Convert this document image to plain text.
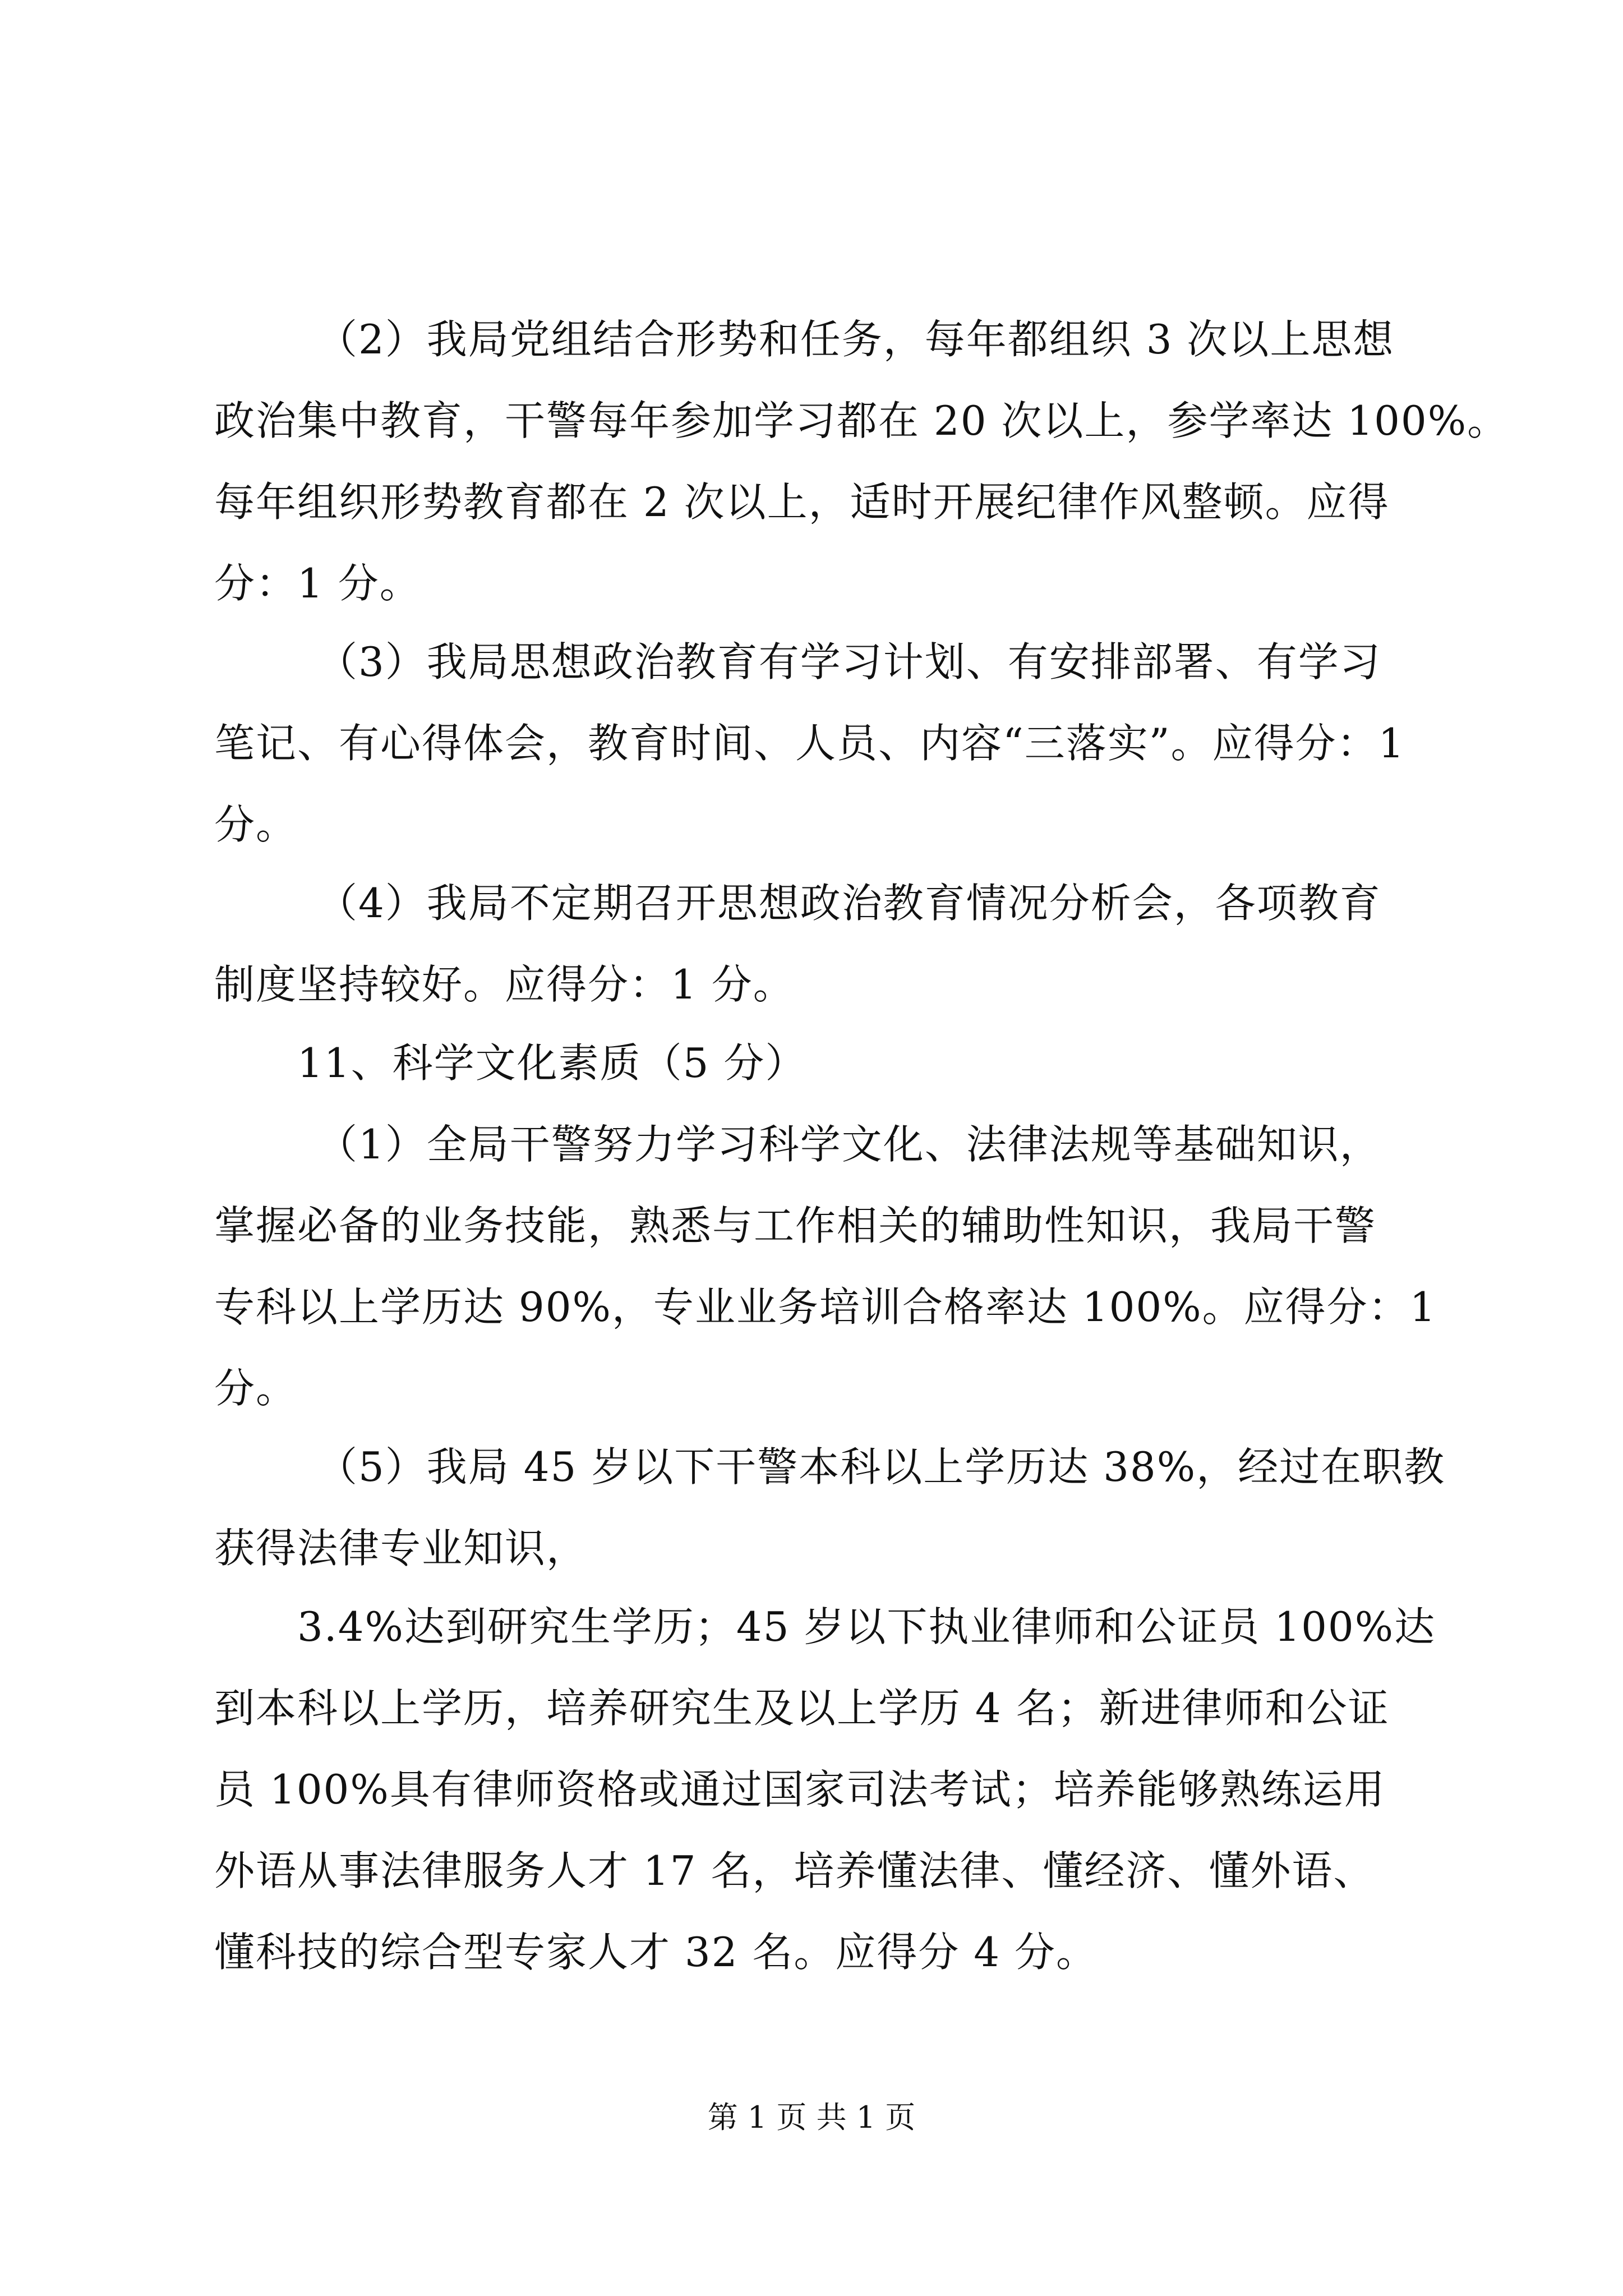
（2）我局党组结合形势和任务，每年都组织 3 次以上思想
政治集中教育，干警每年参加学习都在 20 次以上，参学率达 100%。
每年组织形势教育都在 2 次以上，适时开展纪律作风整顿。应得
分：1 分。
（3）我局思想政治教育有学习计划、有安排部署、有学习
笔记、有心得体会，教育时间、人员、内容“三落实”。应得分：1
分。
（4）我局不定期召开思想政治教育情况分析会，各项教育
制度坚持较好。应得分：1 分。
11、科学文化素质（5 分）
（1）全局干警努力学习科学文化、法律法规等基础知识，
掌握必备的业务技能，熟悉与工作相关的辅助性知识，我局干警
专科以上学历达 90%，专业业务培训合格率达 100%。应得分：1
分。
（5）我局 45 岁以下干警本科以上学历达 38%，经过在职教
获得法律专业知识，
3.4%达到研究生学历；45 岁以下执业律师和公证员 100%达
到本科以上学历，培养研究生及以上学历 4 名；新进律师和公证
员 100%具有律师资格或通过国家司法考试；培养能够熟练运用
外语从事法律服务人才 17 名，培养懂法律、懂经济、懂外语、
懂科技的综合型专家人才 32 名。应得分 4 分。
第 1 页 共 1 页
